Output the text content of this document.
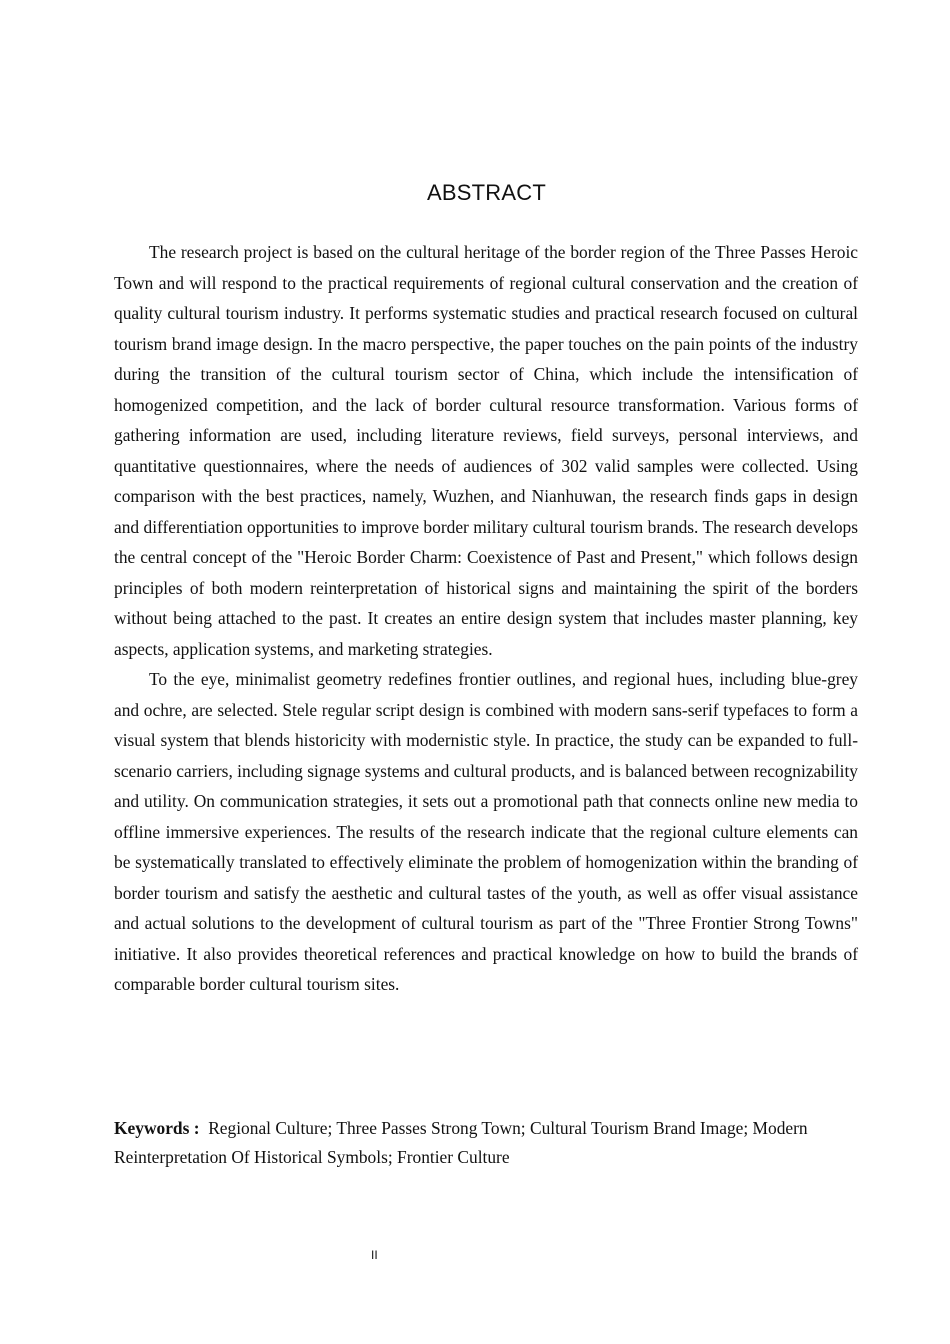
ABSTRACT

The research project is based on the cultural heritage of the border region of the Three Passes Heroic Town and will respond to the practical requirements of regional cultural conservation and the creation of quality cultural tourism industry. It performs systematic studies and practical research focused on cultural tourism brand image design. In the macro perspective, the paper touches on the pain points of the industry during the transition of the cultural tourism sector of China, which include the intensification of homogenized competition, and the lack of border cultural resource transformation. Various forms of gathering information are used, including literature reviews, field surveys, personal interviews, and quantitative questionnaires, where the needs of audiences of 302 valid samples were collected. Using comparison with the best practices, namely, Wuzhen, and Nianhuwan, the research finds gaps in design and differentiation opportunities to improve border military cultural tourism brands. The research develops the central concept of the "Heroic Border Charm: Coexistence of Past and Present," which follows design principles of both modern reinterpretation of historical signs and maintaining the spirit of the borders without being attached to the past. It creates an entire design system that includes master planning, key aspects, application systems, and marketing strategies.

To the eye, minimalist geometry redefines frontier outlines, and regional hues, including blue-grey and ochre, are selected. Stele regular script design is combined with modern sans-serif typefaces to form a visual system that blends historicity with modernistic style. In practice, the study can be expanded to full-scenario carriers, including signage systems and cultural products, and is balanced between recognizability and utility. On communication strategies, it sets out a promotional path that connects online new media to offline immersive experiences. The results of the research indicate that the regional culture elements can be systematically translated to effectively eliminate the problem of homogenization within the branding of border tourism and satisfy the aesthetic and cultural tastes of the youth, as well as offer visual assistance and actual solutions to the development of cultural tourism as part of the "Three Frontier Strong Towns" initiative. It also provides theoretical references and practical knowledge on how to build the brands of comparable border cultural tourism sites.

Keywords : Regional Culture; Three Passes Strong Town; Cultural Tourism Brand Image; Modern Reinterpretation Of Historical Symbols; Frontier Culture

II
